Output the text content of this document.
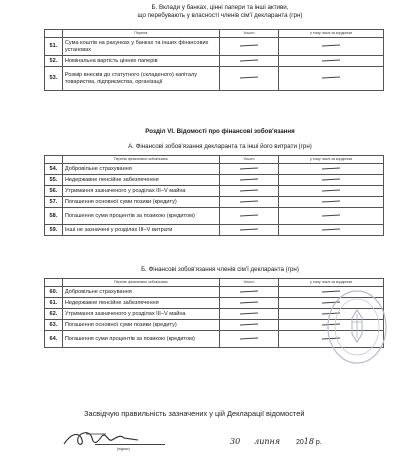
Б. Вклади у банках, цінні папери та інші активи,
що перебувають у власності членів сім'ї декларанта (грн)
	Перелік	Усього	у тому числі за кордоном
51.	Сума коштів на рахунках у банках та інших фінансових установах		
52.	Номінальна вартість цінних паперів		
53.	Розмір внесків до статутного (складеного) капіталу товариства, підприємства, організації		
Розділ VI. Відомості про фінансові зобов'язання
А. Фінансові зобов'язання декларанта та інші його витрати (грн)
	Перелік фінансових зобов'язань	Усього	у тому числі за кордоном
54.	Добровільне страхування		
55.	Недержавне пенсійне забезпечення		
56.	Утримання зазначеного у розділах III–V майна		
57.	Погашення основної суми позики (кредиту)		
58.	Погашення суми процентів за позикою (кредитом)		
59.	Інші не зазначені у розділах III–V витрати		
Б. Фінансові зобов'язання членів сім'ї декларанта (грн)
	Перелік фінансових зобов'язань	Усього	у тому числі за кордоном
60.	Добровільне страхування		
61.	Недержавне пенсійне забезпечення		
62.	Утримання зазначеного у розділах III–V майна		
63.	Погашення основної суми позики (кредиту)		
64.	Погашення суми процентів за позикою (кредитом)		
Засвідчую правильність зазначених у цій Декларації відомостей
(підпис)
30 липня 2018 р.
